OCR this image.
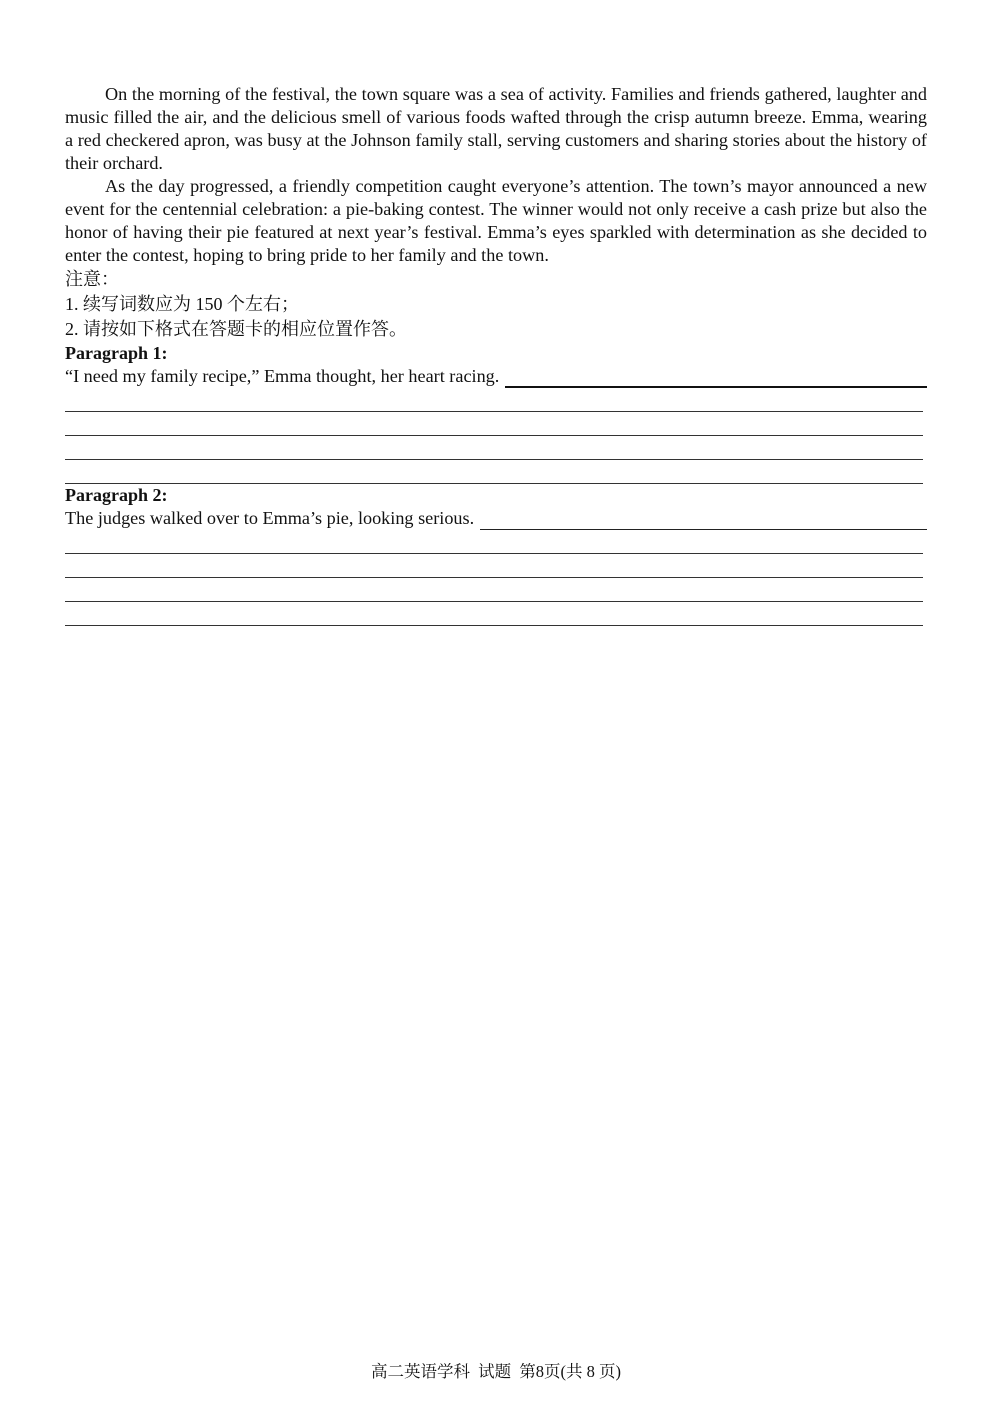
On the morning of the festival, the town square was a sea of activity. Families and friends gathered, laughter and music filled the air, and the delicious smell of various foods wafted through the crisp autumn breeze. Emma, wearing a red checkered apron, was busy at the Johnson family stall, serving customers and sharing stories about the history of their orchard.

As the day progressed, a friendly competition caught everyone’s attention. The town’s mayor announced a new event for the centennial celebration: a pie-baking contest. The winner would not only receive a cash prize but also the honor of having their pie featured at next year’s festival. Emma’s eyes sparkled with determination as she decided to enter the contest, hoping to bring pride to her family and the town.

注意：

1. 续写词数应为 150 个左右；

2. 请按如下格式在答题卡的相应位置作答。

Paragraph 1:

“I need my family recipe,” Emma thought, her heart racing.

Paragraph 2:

The judges walked over to Emma’s pie, looking serious.
高二英语学科 试题 第8页(共 8 页)
